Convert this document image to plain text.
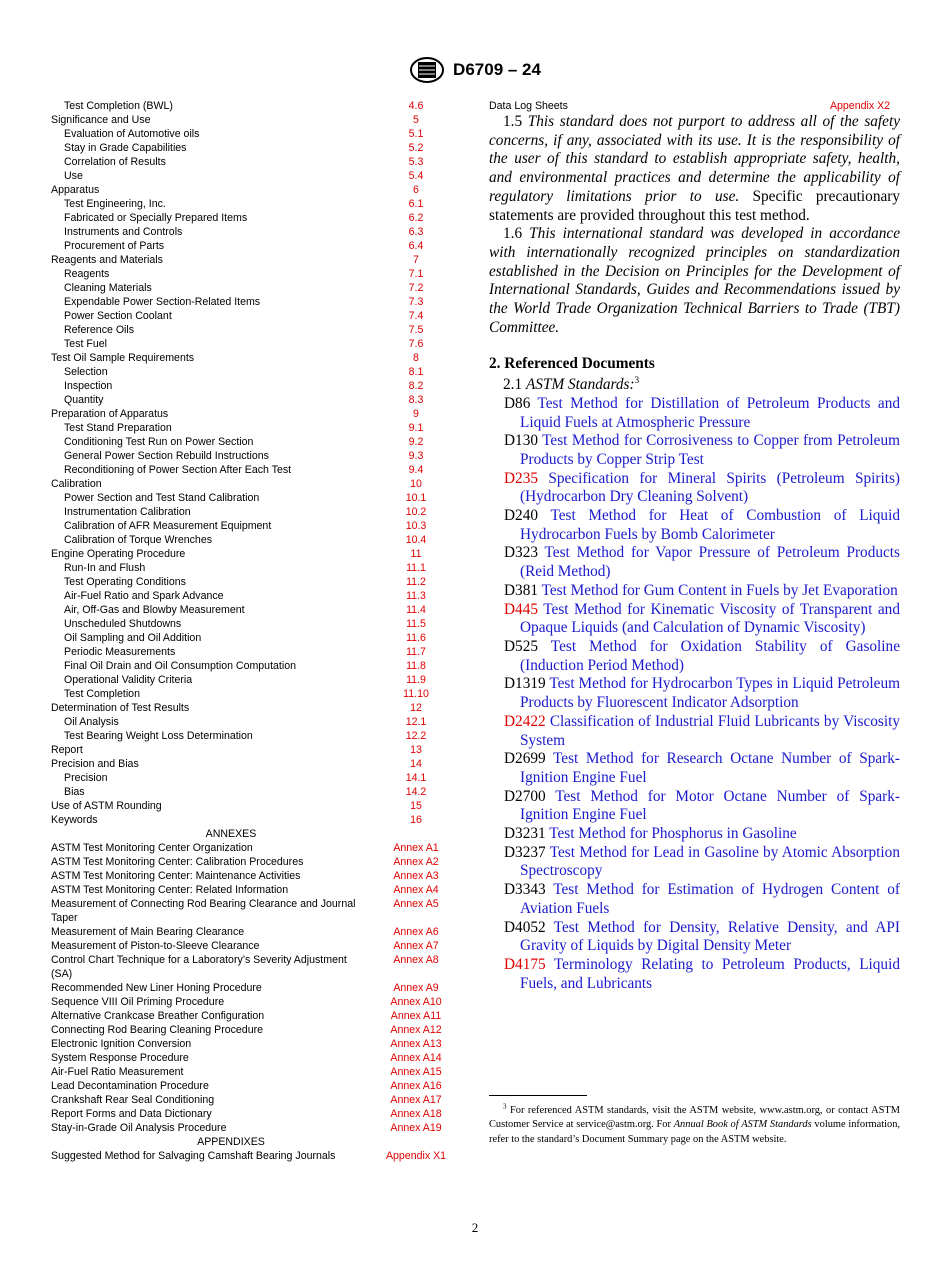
D6709 – 24
Test Completion (BWL)	4.6
Significance and Use	5
Evaluation of Automotive oils	5.1
Stay in Grade Capabilities	5.2
Correlation of Results	5.3
Use	5.4
Apparatus	6
Test Engineering, Inc.	6.1
Fabricated or Specially Prepared Items	6.2
Instruments and Controls	6.3
Procurement of Parts	6.4
Reagents and Materials	7
Reagents	7.1
Cleaning Materials	7.2
Expendable Power Section-Related Items	7.3
Power Section Coolant	7.4
Reference Oils	7.5
Test Fuel	7.6
Test Oil Sample Requirements	8
Selection	8.1
Inspection	8.2
Quantity	8.3
Preparation of Apparatus	9
Test Stand Preparation	9.1
Conditioning Test Run on Power Section	9.2
General Power Section Rebuild Instructions	9.3
Reconditioning of Power Section After Each Test	9.4
Calibration	10
Power Section and Test Stand Calibration	10.1
Instrumentation Calibration	10.2
Calibration of AFR Measurement Equipment	10.3
Calibration of Torque Wrenches	10.4
Engine Operating Procedure	11
Run-In and Flush	11.1
Test Operating Conditions	11.2
Air-Fuel Ratio and Spark Advance	11.3
Air, Off-Gas and Blowby Measurement	11.4
Unscheduled Shutdowns	11.5
Oil Sampling and Oil Addition	11.6
Periodic Measurements	11.7
Final Oil Drain and Oil Consumption Computation	11.8
Operational Validity Criteria	11.9
Test Completion	11.10
Determination of Test Results	12
Oil Analysis	12.1
Test Bearing Weight Loss Determination	12.2
Report	13
Precision and Bias	14
Precision	14.1
Bias	14.2
Use of ASTM Rounding	15
Keywords	16
ANNEXES
ASTM Test Monitoring Center Organization	Annex A1
ASTM Test Monitoring Center: Calibration Procedures	Annex A2
ASTM Test Monitoring Center: Maintenance Activities	Annex A3
ASTM Test Monitoring Center: Related Information	Annex A4
Measurement of Connecting Rod Bearing Clearance and Journal Taper
Annex A5
Measurement of Main Bearing Clearance	Annex A6
Measurement of Piston-to-Sleeve Clearance	Annex A7
Control Chart Technique for a Laboratory’s Severity Adjustment (SA)
Annex A8
Recommended New Liner Honing Procedure	Annex A9
Sequence VIII Oil Priming Procedure	Annex A10
Alternative Crankcase Breather Configuration	Annex A11
Connecting Rod Bearing Cleaning Procedure	Annex A12
Electronic Ignition Conversion	Annex A13
System Response Procedure	Annex A14
Air-Fuel Ratio Measurement	Annex A15
Lead Decontamination Procedure	Annex A16
Crankshaft Rear Seal Conditioning	Annex A17
Report Forms and Data Dictionary	Annex A18
Stay-in-Grade Oil Analysis Procedure	Annex A19
APPENDIXES
Suggested Method for Salvaging Camshaft Bearing Journals	Appendix X1
Data Log Sheets	Appendix X2

1.5 This standard does not purport to address all of the safety concerns, if any, associated with its use. It is the responsibility of the user of this standard to establish appropriate safety, health, and environmental practices and determine the applicability of regulatory limitations prior to use. Specific precautionary statements are provided throughout this test method.

1.6 This international standard was developed in accordance with internationally recognized principles on standardization established in the Decision on Principles for the Development of International Standards, Guides and Recommendations issued by the World Trade Organization Technical Barriers to Trade (TBT) Committee.

2. Referenced Documents

2.1 ASTM Standards:$^3$

D86 Test Method for Distillation of Petroleum Products and Liquid Fuels at Atmospheric Pressure

D130 Test Method for Corrosiveness to Copper from Petroleum Products by Copper Strip Test

D235 Specification for Mineral Spirits (Petroleum Spirits) (Hydrocarbon Dry Cleaning Solvent)

D240 Test Method for Heat of Combustion of Liquid Hydrocarbon Fuels by Bomb Calorimeter

D323 Test Method for Vapor Pressure of Petroleum Products (Reid Method)

D381 Test Method for Gum Content in Fuels by Jet Evaporation

D445 Test Method for Kinematic Viscosity of Transparent and Opaque Liquids (and Calculation of Dynamic Viscosity)

D525 Test Method for Oxidation Stability of Gasoline (Induction Period Method)

D1319 Test Method for Hydrocarbon Types in Liquid Petroleum Products by Fluorescent Indicator Adsorption

D2422 Classification of Industrial Fluid Lubricants by Viscosity System

D2699 Test Method for Research Octane Number of Spark-Ignition Engine Fuel

D2700 Test Method for Motor Octane Number of Spark-Ignition Engine Fuel

D3231 Test Method for Phosphorus in Gasoline

D3237 Test Method for Lead in Gasoline by Atomic Absorption Spectroscopy

D3343 Test Method for Estimation of Hydrogen Content of Aviation Fuels

D4052 Test Method for Density, Relative Density, and API Gravity of Liquids by Digital Density Meter

D4175 Terminology Relating to Petroleum Products, Liquid Fuels, and Lubricants

$^3$ For referenced ASTM standards, visit the ASTM website, www.astm.org, or contact ASTM Customer Service at service@astm.org. For Annual Book of ASTM Standards volume information, refer to the standard’s Document Summary page on the ASTM website.
2
